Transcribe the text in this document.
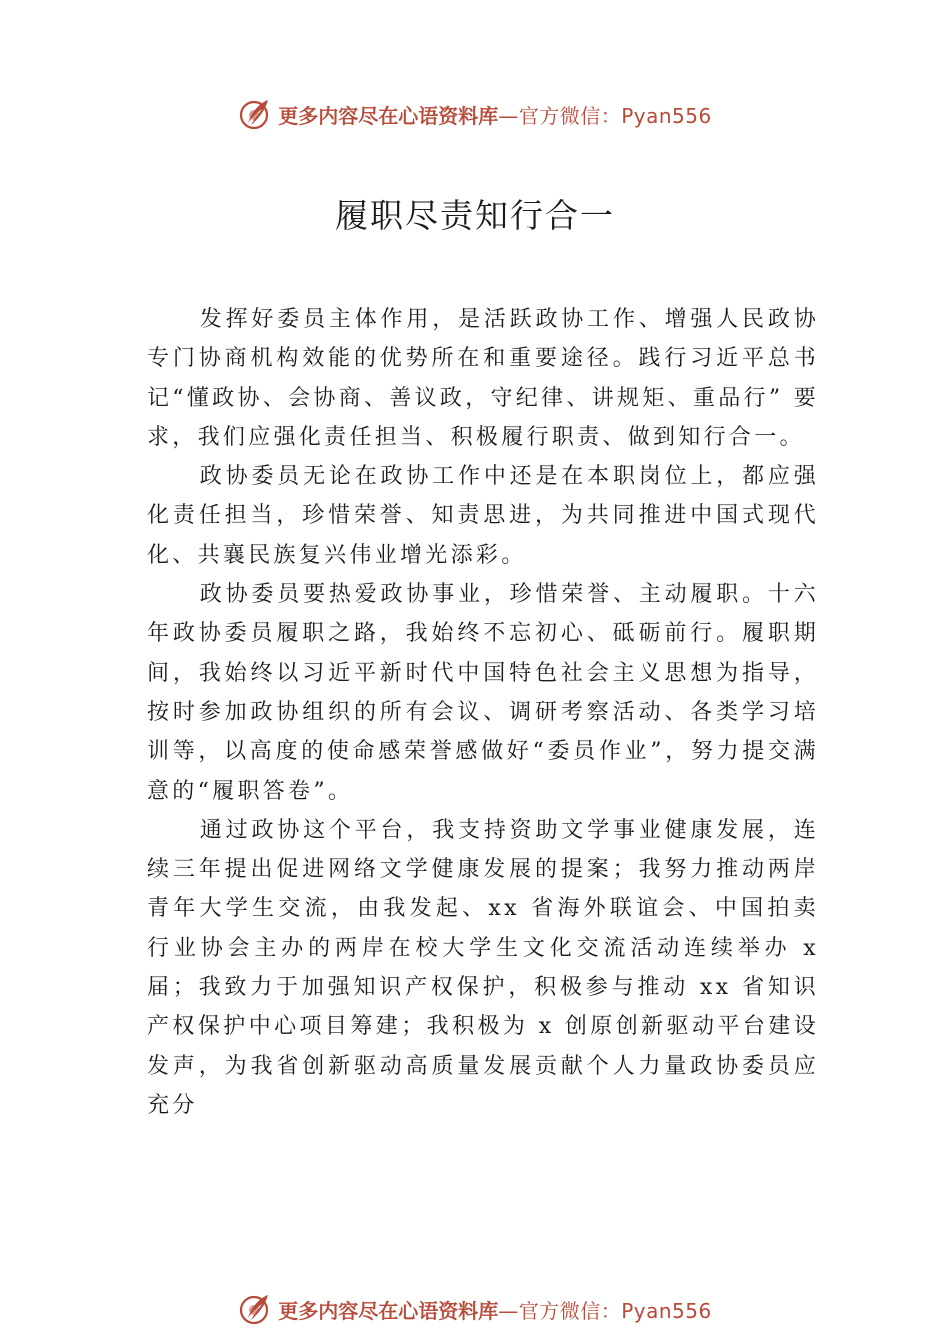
更多内容尽在心语资料库 —官方微信：Pyan556
履职尽责知行合一

发挥好委员主体作用，是活跃政协工作、增强人民政协专门协商机构效能的优势所在和重要途径。践行习近平总书记“懂政协、会协商、善议政，守纪律、讲规矩、重品行” 要求，我们应强化责任担当、积极履行职责、做到知行合一。

政协委员无论在政协工作中还是在本职岗位上，都应强化责任担当，珍惜荣誉、知责思进，为共同推进中国式现代化、共襄民族复兴伟业增光添彩。

政协委员要热爱政协事业，珍惜荣誉、主动履职。十六年政协委员履职之路，我始终不忘初心、砥砺前行。履职期间，我始终以习近平新时代中国特色社会主义思想为指导， 按时参加政协组织的所有会议、调研考察活动、各类学习培训等，以高度的使命感荣誉感做好“委员作业”，努力提交满意的“履职答卷”。

通过政协这个平台，我支持资助文学事业健康发展，连续三年提出促进网络文学健康发展的提案；我努力推动两岸青年大学生交流，由我发起、xx 省海外联谊会、中国拍卖行业协会主办的两岸在校大学生文化交流活动连续举办 x 届；我致力于加强知识产权保护，积极参与推动 xx 省知识产权保护中心项目筹建；我积极为 x 创原创新驱动平台建设发声，为我省创新驱动高质量发展贡献个人力量政协委员应充分

更多内容尽在心语资料库 —官方微信：Pyan556
